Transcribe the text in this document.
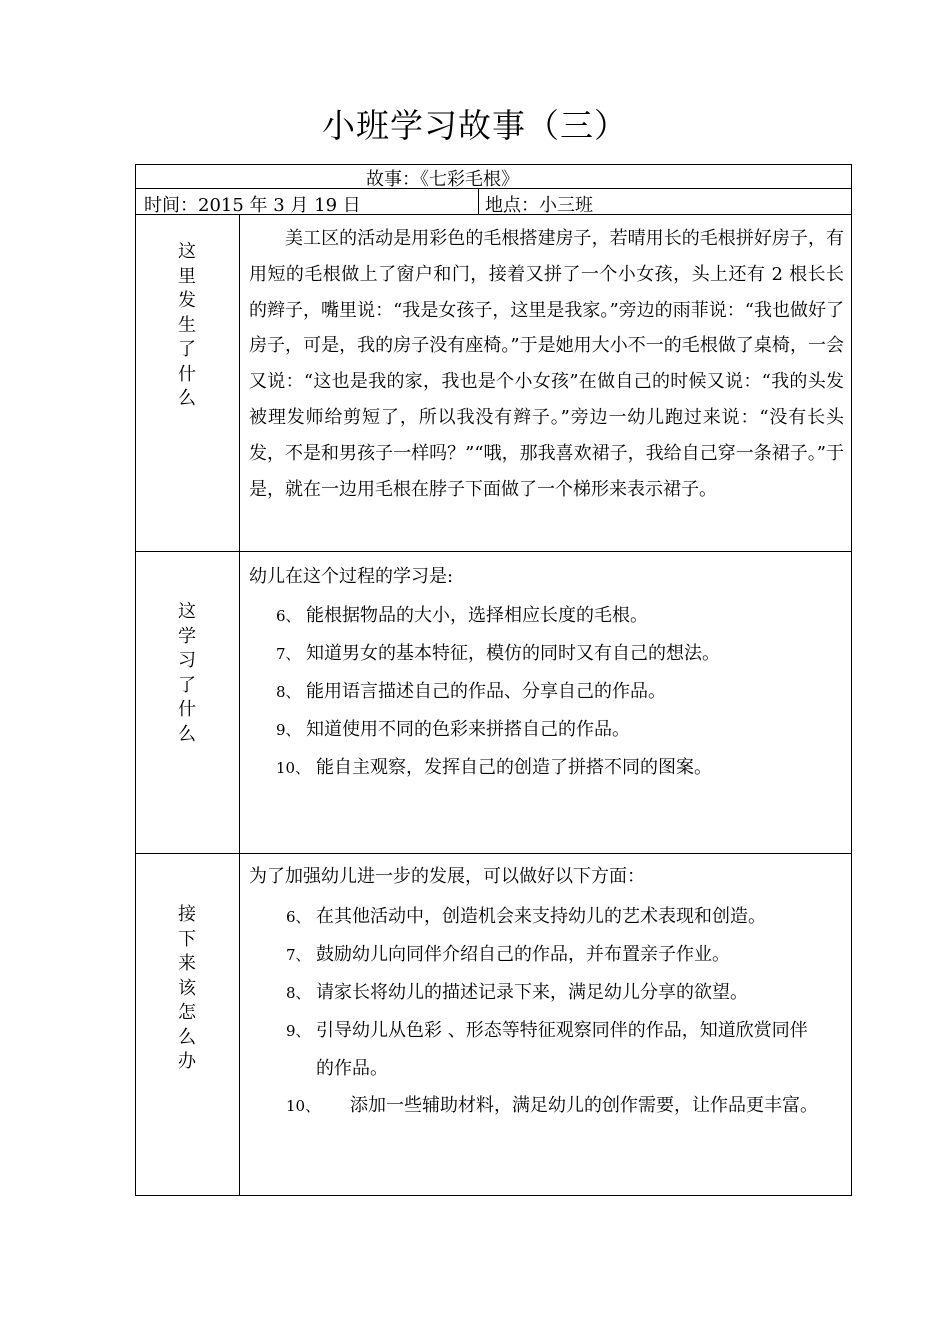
小班学习故事（三）
故事：《七彩毛根》
时间：2015 年 3 月 19 日	地点：小三班
这
里
发
生
了
什
么
美工区的活动是用彩色的毛根搭建房子，若晴用长的毛根拼好房子，有用短的毛根做上了窗户和门，接着又拼了一个小女孩，头上还有 2 根长长的辫子，嘴里说：“我是女孩子，这里是我家。”旁边的雨菲说：“我也做好了房子，可是，我的房子没有座椅。”于是她用大小不一的毛根做了桌椅，一会又说：“这也是我的家，我也是个小女孩”在做自己的时候又说：“我的头发被理发师给剪短了，所以我没有辫子。”旁边一幼儿跑过来说：“没有长头发，不是和男孩子一样吗？”“哦，那我喜欢裙子，我给自己穿一条裙子。”于是，就在一边用毛根在脖子下面做了一个梯形来表示裙子。
这
学
习
了
什
么
幼儿在这个过程的学习是:
6、 能根据物品的大小，选择相应长度的毛根。
7、 知道男女的基本特征，模仿的同时又有自己的想法。
8、 能用语言描述自己的作品、分享自己的作品。
9、 知道使用不同的色彩来拼搭自己的作品。
10、 能自主观察，发挥自己的创造了拼搭不同的图案。
接
下
来
该
怎
么
办
为了加强幼儿进一步的发展，可以做好以下方面：
6、 在其他活动中，创造机会来支持幼儿的艺术表现和创造。
7、 鼓励幼儿向同伴介绍自己的作品，并布置亲子作业。
8、 请家长将幼儿的描述记录下来，满足幼儿分享的欲望。
9、 引导幼儿从色彩 、形态等特征观察同伴的作品，知道欣赏同伴
的作品。
10、 添加一些辅助材料，满足幼儿的创作需要，让作品更丰富。
